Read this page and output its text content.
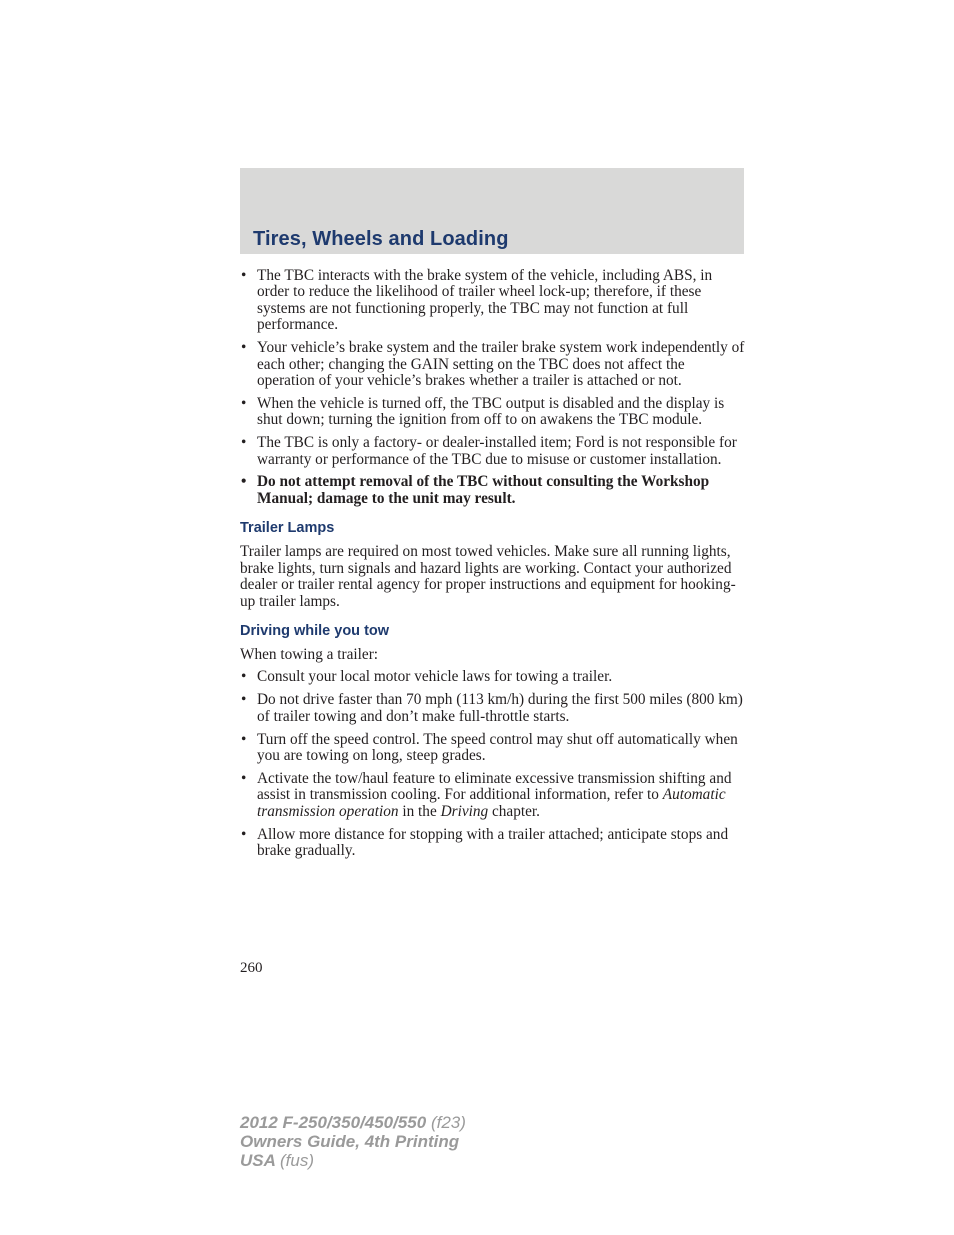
Tires, Wheels and Loading
• The TBC interacts with the brake system of the vehicle, including ABS, in order to reduce the likelihood of trailer wheel lock-up; therefore, if these systems are not functioning properly, the TBC may not function at full performance.
• Your vehicle’s brake system and the trailer brake system work independently of each other; changing the GAIN setting on the TBC does not affect the operation of your vehicle’s brakes whether a trailer is attached or not.
• When the vehicle is turned off, the TBC output is disabled and the display is shut down; turning the ignition from off to on awakens the TBC module.
• The TBC is only a factory- or dealer-installed item; Ford is not responsible for warranty or performance of the TBC due to misuse or customer installation.
• Do not attempt removal of the TBC without consulting the Workshop Manual; damage to the unit may result.
Trailer Lamps

Trailer lamps are required on most towed vehicles. Make sure all running lights, brake lights, turn signals and hazard lights are working. Contact your authorized dealer or trailer rental agency for proper instructions and equipment for hooking-up trailer lamps.

Driving while you tow

When towing a trailer:

• Consult your local motor vehicle laws for towing a trailer.
• Do not drive faster than 70 mph (113 km/h) during the first 500 miles (800 km) of trailer towing and don’t make full-throttle starts.
• Turn off the speed control. The speed control may shut off automatically when you are towing on long, steep grades.
• Activate the tow/haul feature to eliminate excessive transmission shifting and assist in transmission cooling. For additional information, refer to Automatic transmission operation in the Driving chapter.
• Allow more distance for stopping with a trailer attached; anticipate stops and brake gradually.
260
2012 F-250/350/450/550 (f23)
Owners Guide, 4th Printing
USA (fus)
